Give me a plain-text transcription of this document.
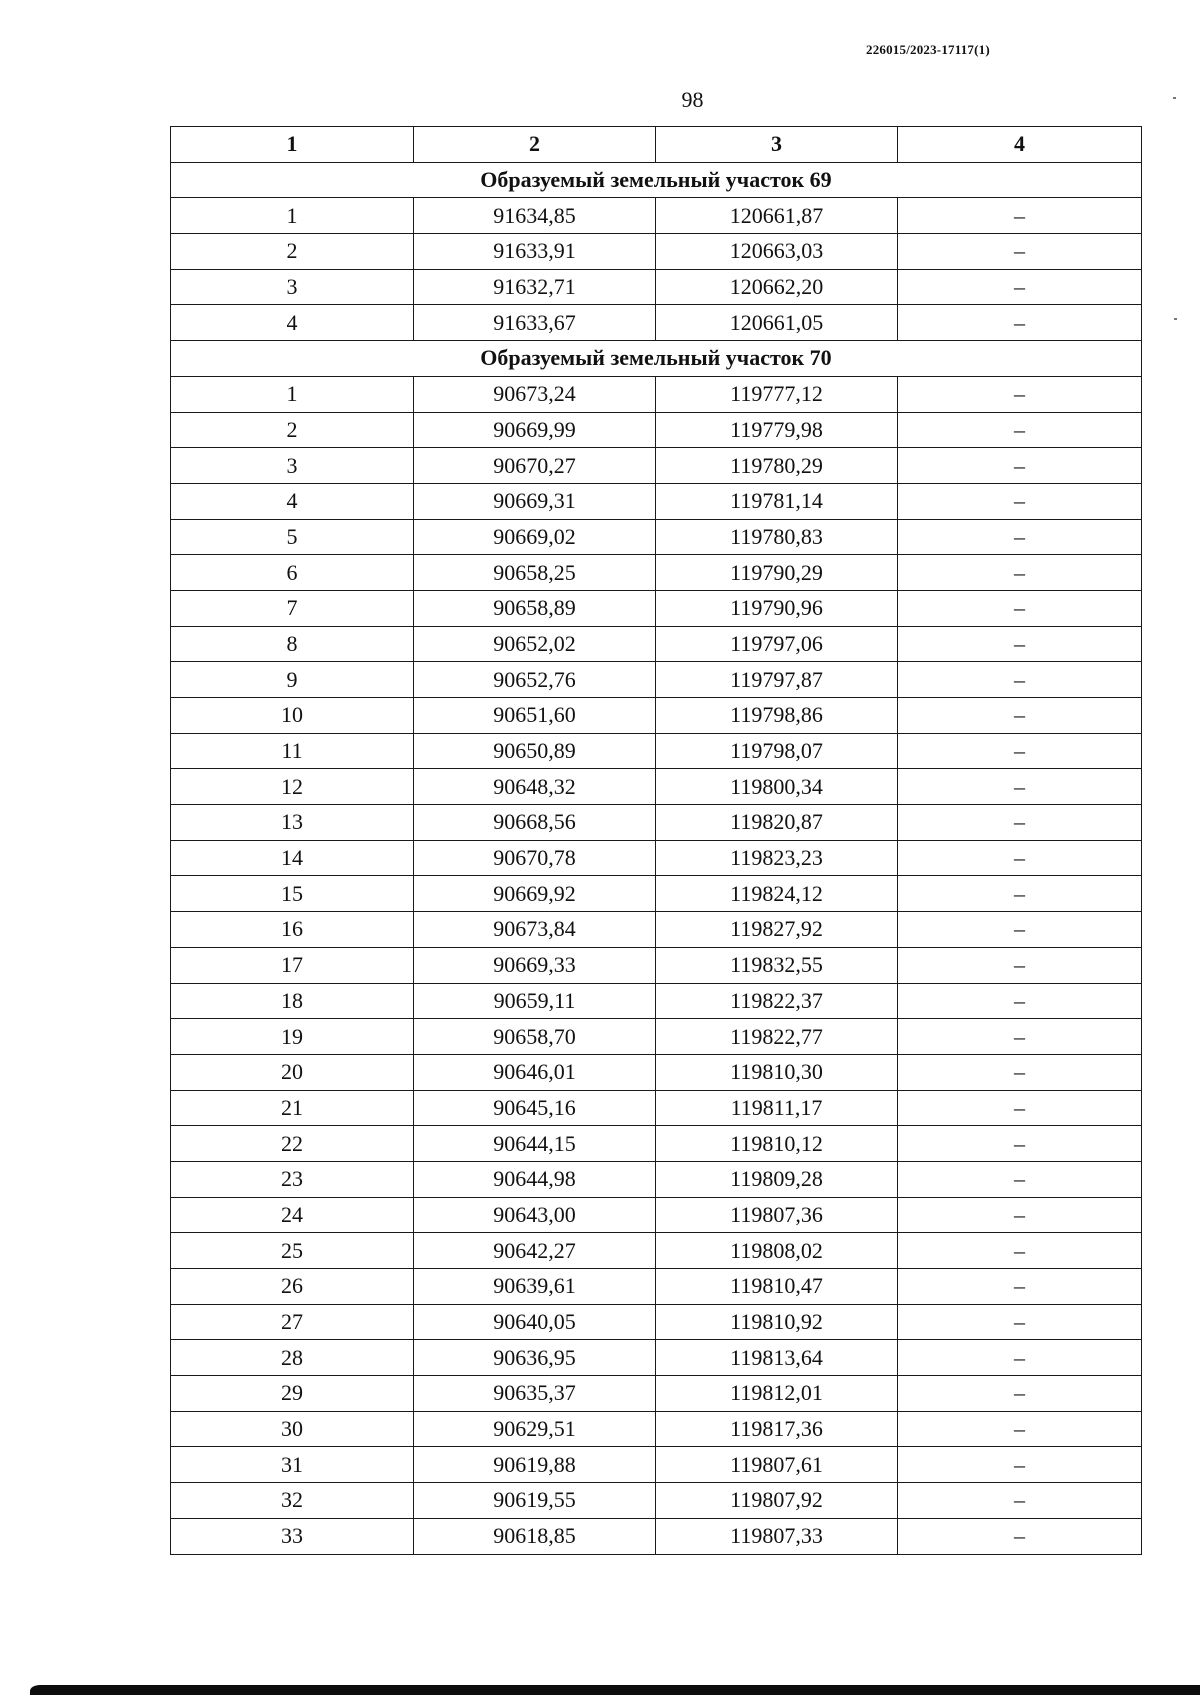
226015/2023-17117(1)
98
1	2	3	4
Образуемый земельный участок 69			
1	91634,85	120661,87	–
2	91633,91	120663,03	–
3	91632,71	120662,20	–
4	91633,67	120661,05	–
Образуемый земельный участок 70			
1	90673,24	119777,12	–
2	90669,99	119779,98	–
3	90670,27	119780,29	–
4	90669,31	119781,14	–
5	90669,02	119780,83	–
6	90658,25	119790,29	–
7	90658,89	119790,96	–
8	90652,02	119797,06	–
9	90652,76	119797,87	–
10	90651,60	119798,86	–
11	90650,89	119798,07	–
12	90648,32	119800,34	–
13	90668,56	119820,87	–
14	90670,78	119823,23	–
15	90669,92	119824,12	–
16	90673,84	119827,92	–
17	90669,33	119832,55	–
18	90659,11	119822,37	–
19	90658,70	119822,77	–
20	90646,01	119810,30	–
21	90645,16	119811,17	–
22	90644,15	119810,12	–
23	90644,98	119809,28	–
24	90643,00	119807,36	–
25	90642,27	119808,02	–
26	90639,61	119810,47	–
27	90640,05	119810,92	–
28	90636,95	119813,64	–
29	90635,37	119812,01	–
30	90629,51	119817,36	–
31	90619,88	119807,61	–
32	90619,55	119807,92	–
33	90618,85	119807,33	–
